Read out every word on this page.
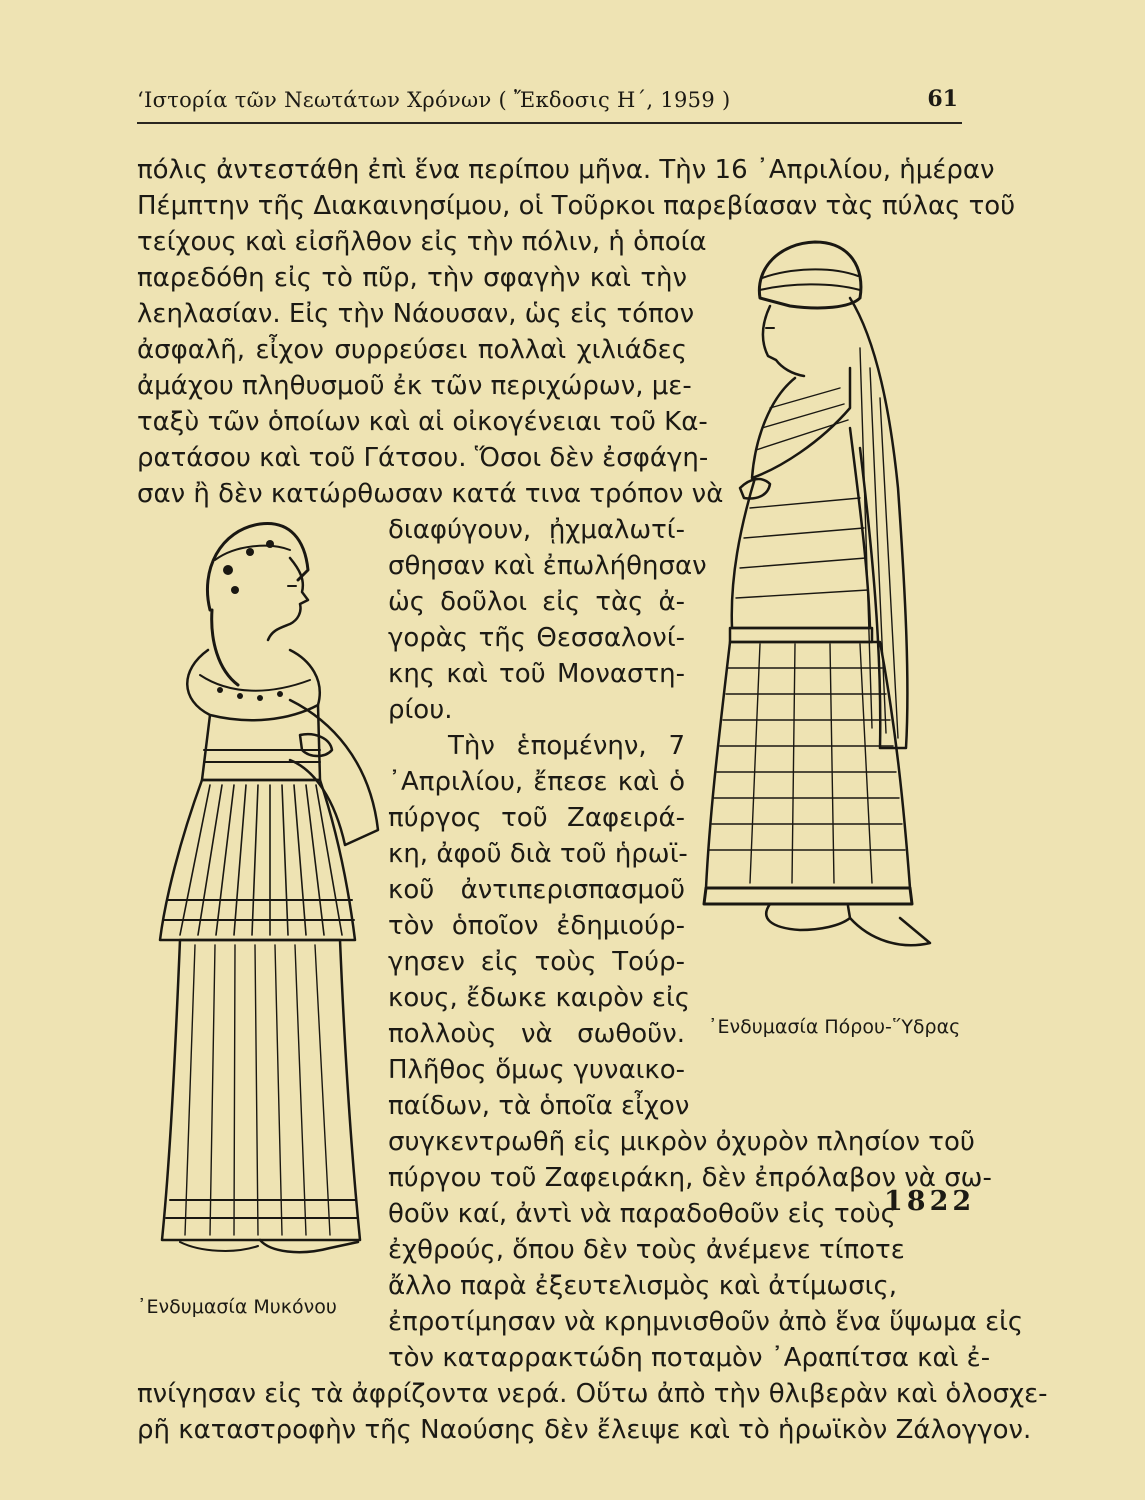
‘Ιστορία τῶν Νεωτάτων Χρόνων ( Ἔκδοσις Η΄, 1959 )	61
πόλις ἀντεστάθη ἐπὶ ἕνα περίπου μῆνα. Τὴν 16 ᾿Απριλίου, ἡμέραν
Πέμπτην τῆς Διακαινησίμου, οἱ Τοῦρκοι παρεβίασαν τὰς πύλας τοῦ
τείχους καὶ εἰσῆλθον εἰς τὴν πόλιν, ἡ ὁποία
παρεδόθη εἰς τὸ πῦρ, τὴν σφαγὴν καὶ τὴν
λεηλασίαν. Εἰς τὴν Νάουσαν, ὡς εἰς τόπον
ἀσφαλῆ, εἶχον συρρεύσει πολλαὶ χιλιάδες
ἀμάχου πληθυσμοῦ ἐκ τῶν περιχώρων, με-
ταξὺ τῶν ὁποίων καὶ αἱ οἰκογένειαι τοῦ Κα-
ρατάσου καὶ τοῦ Γάτσου. Ὅσοι δὲν ἐσφάγη-
σαν ἢ δὲν κατώρθωσαν κατά τινα τρόπον νὰ
διαφύγουν, ᾐχμαλωτί-
σθησαν καὶ ἐπωλήθησαν
ὡς δοῦλοι εἰς τὰς ἀ-
γορὰς τῆς Θεσσαλονί-
κης καὶ τοῦ Μοναστη-
ρίου.
Τὴν ἑπομένην, 7
᾿Απριλίου, ἔπεσε καὶ ὁ
πύργος τοῦ Ζαφειρά-
κη, ἀφοῦ διὰ τοῦ ἡρωϊ-
κοῦ ἀντιπερισπασμοῦ
τὸν ὁποῖον ἐδημιούρ-
γησεν εἰς τοὺς Τούρ-
κους, ἔδωκε καιρὸν εἰς
πολλοὺς νὰ σωθοῦν.
Πλῆθος ὅμως γυναικο-
παίδων, τὰ ὁποῖα εἶχον
συγκεντρωθῆ εἰς μικρὸν ὀχυρὸν πλησίον τοῦ
πύργου τοῦ Ζαφειράκη, δὲν ἐπρόλαβον νὰ σω-
θοῦν καί, ἀντὶ νὰ παραδοθοῦν εἰς τοὺς
ἐχθρούς, ὅπου δὲν τοὺς ἀνέμενε τίποτε
ἄλλο παρὰ ἐξευτελισμὸς καὶ ἀτίμωσις,
ἐπροτίμησαν νὰ κρημνισθοῦν ἀπὸ ἕνα ὕψωμα εἰς
τὸν καταρρακτώδη ποταμὸν ᾿Αραπίτσα καὶ ἐ-
πνίγησαν εἰς τὰ ἀφρίζοντα νερά. Οὕτω ἀπὸ τὴν θλιβερὰν καὶ ὁλοσχε-
ρῆ καταστροφὴν τῆς Ναούσης δὲν ἔλειψε καὶ τὸ ἡρωϊκὸν Ζάλογγον.
1822
᾿Ενδυμασία Μυκόνου
᾿Ενδυμασία Πόρου-῞Υδρας
